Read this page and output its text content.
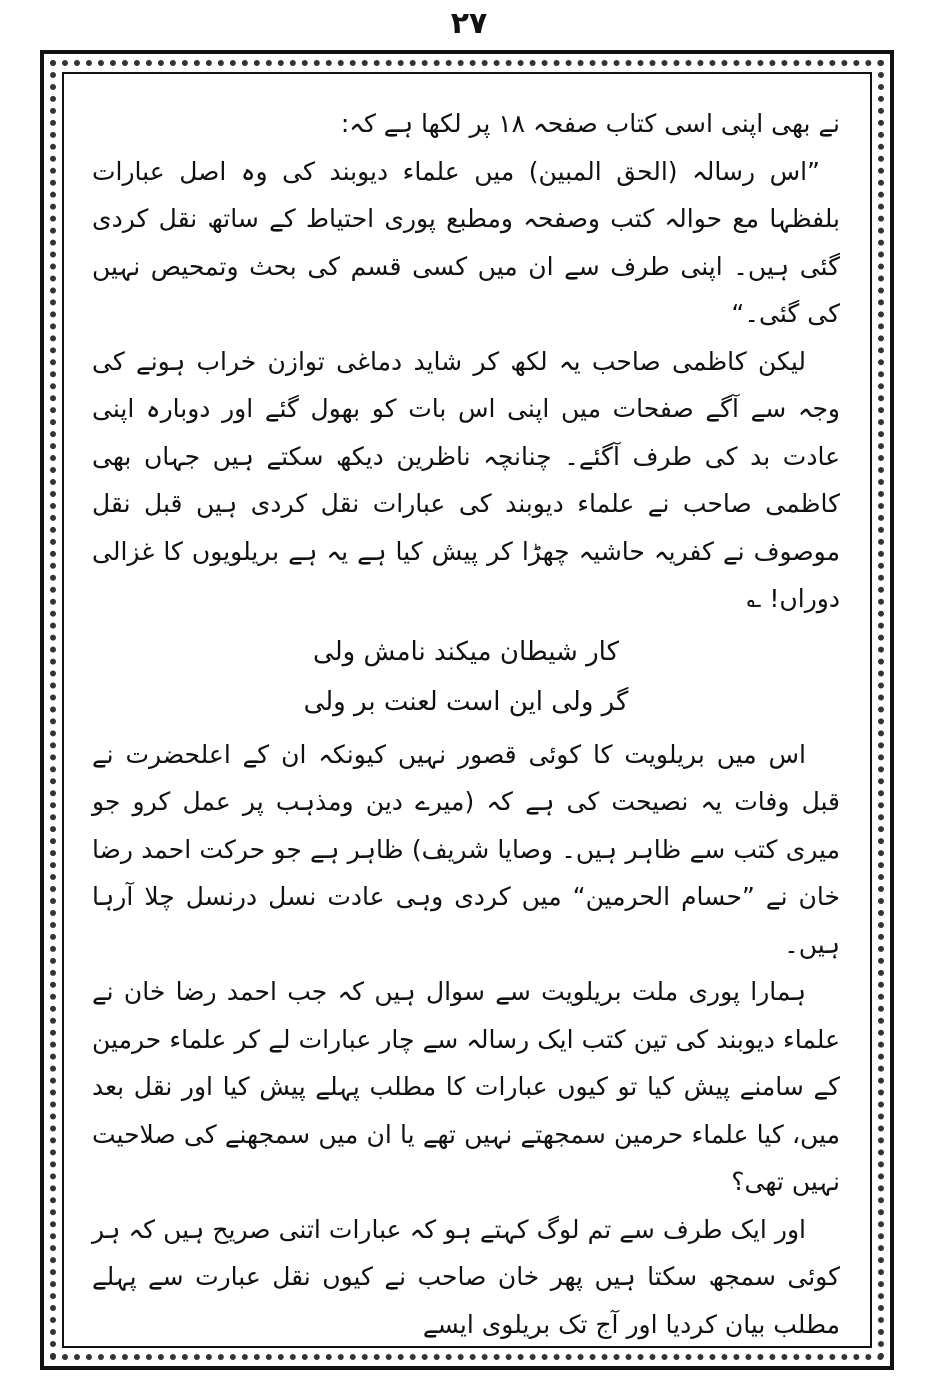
۲۷

نے بھی اپنی اسی کتاب صفحہ ۱۸ پر لکھا ہے کہ:

”اس رسالہ (الحق المبین) میں علماء دیوبند کی وہ اصل عبارات بلفظہا مع حوالہ کتب وصفحہ ومطبع پوری احتیاط کے ساتھ نقل کردی گئی ہیں۔ اپنی طرف سے ان میں کسی قسم کی بحث وتمحیص نہیں کی گئی۔“

لیکن کاظمی صاحب یہ لکھ کر شاید دماغی توازن خراب ہونے کی وجہ سے آگے صفحات میں اپنی اس بات کو بھول گئے اور دوبارہ اپنی عادت بد کی طرف آگئے۔ چنانچہ ناظرین دیکھ سکتے ہیں جہاں بھی کاظمی صاحب نے علماء دیوبند کی عبارات نقل کردی ہیں قبل نقل موصوف نے کفریہ حاشیہ چھڑا کر پیش کیا ہے یہ ہے بریلویوں کا غزالی دوراں! ؎

کار شیطان میکند نامش ولی
گر ولی این است لعنت بر ولی

اس میں بریلویت کا کوئی قصور نہیں کیونکہ ان کے اعلحضرت نے قبل وفات یہ نصیحت کی ہے کہ (میرے دین ومذہب پر عمل کرو جو میری کتب سے ظاہر ہیں۔ وصایا شریف) ظاہر ہے جو حرکت احمد رضا خان نے ”حسام الحرمین“ میں کردی وہی عادت نسل درنسل چلا آرہا ہیں۔

ہمارا پوری ملت بریلویت سے سوال ہیں کہ جب احمد رضا خان نے علماء دیوبند کی تین کتب ایک رسالہ سے چار عبارات لے کر علماء حرمین کے سامنے پیش کیا تو کیوں عبارات کا مطلب پہلے پیش کیا اور نقل بعد میں، کیا علماء حرمین سمجھتے نہیں تھے یا ان میں سمجھنے کی صلاحیت نہیں تھی؟

اور ایک طرف سے تم لوگ کہتے ہو کہ عبارات اتنی صریح ہیں کہ ہر کوئی سمجھ سکتا ہیں پھر خان صاحب نے کیوں نقل عبارت سے پہلے مطلب بیان کردیا اور آج تک بریلوی ایسے
